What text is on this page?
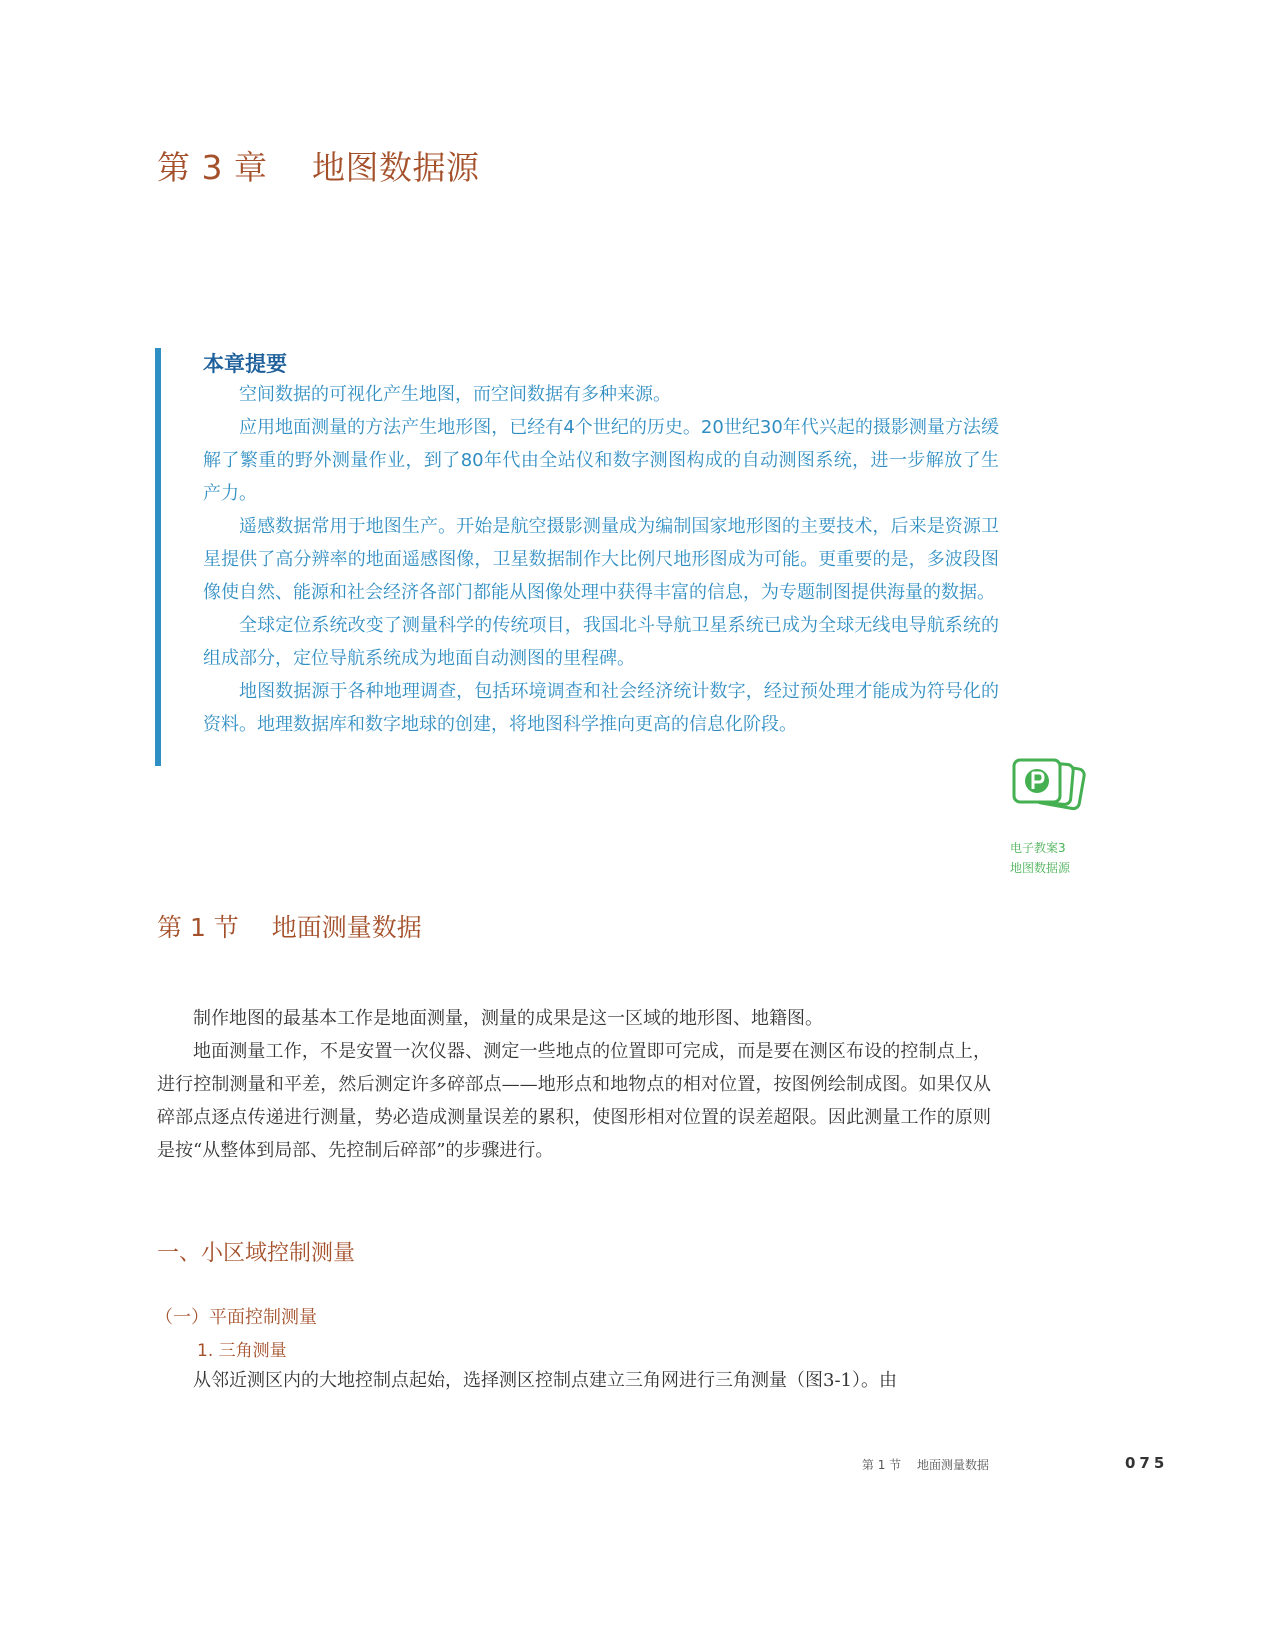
第 3 章　 地图数据源
本章提要

空间数据的可视化产生地图，而空间数据有多种来源。

应用地面测量的方法产生地形图，已经有4个世纪的历史。20世纪30年代兴起的摄影测量方法缓解了繁重的野外测量作业，到了80年代由全站仪和数字测图构成的自动测图系统，进一步解放了生产力。

遥感数据常用于地图生产。开始是航空摄影测量成为编制国家地形图的主要技术，后来是资源卫星提供了高分辨率的地面遥感图像，卫星数据制作大比例尺地形图成为可能。更重要的是，多波段图像使自然、能源和社会经济各部门都能从图像处理中获得丰富的信息，为专题制图提供海量的数据。

全球定位系统改变了测量科学的传统项目，我国北斗导航卫星系统已成为全球无线电导航系统的组成部分，定位导航系统成为地面自动测图的里程碑。

地图数据源于各种地理调查，包括环境调查和社会经济统计数字，经过预处理才能成为符号化的资料。地理数据库和数字地球的创建，将地图科学推向更高的信息化阶段。

电子教案3
地图数据源
第 1 节　 地面测量数据

制作地图的最基本工作是地面测量，测量的成果是这一区域的地形图、地籍图。

地面测量工作，不是安置一次仪器、测定一些地点的位置即可完成，而是要在测区布设的控制点上，进行控制测量和平差，然后测定许多碎部点——地形点和地物点的相对位置，按图例绘制成图。如果仅从碎部点逐点传递进行测量，势必造成测量误差的累积，使图形相对位置的误差超限。因此测量工作的原则是按“从整体到局部、先控制后碎部”的步骤进行。

一、小区域控制测量
（一）平面控制测量
1. 三角测量

从邻近测区内的大地控制点起始，选择测区控制点建立三角网进行三角测量（图3-1）。由

第 1 节　 地面测量数据	075
